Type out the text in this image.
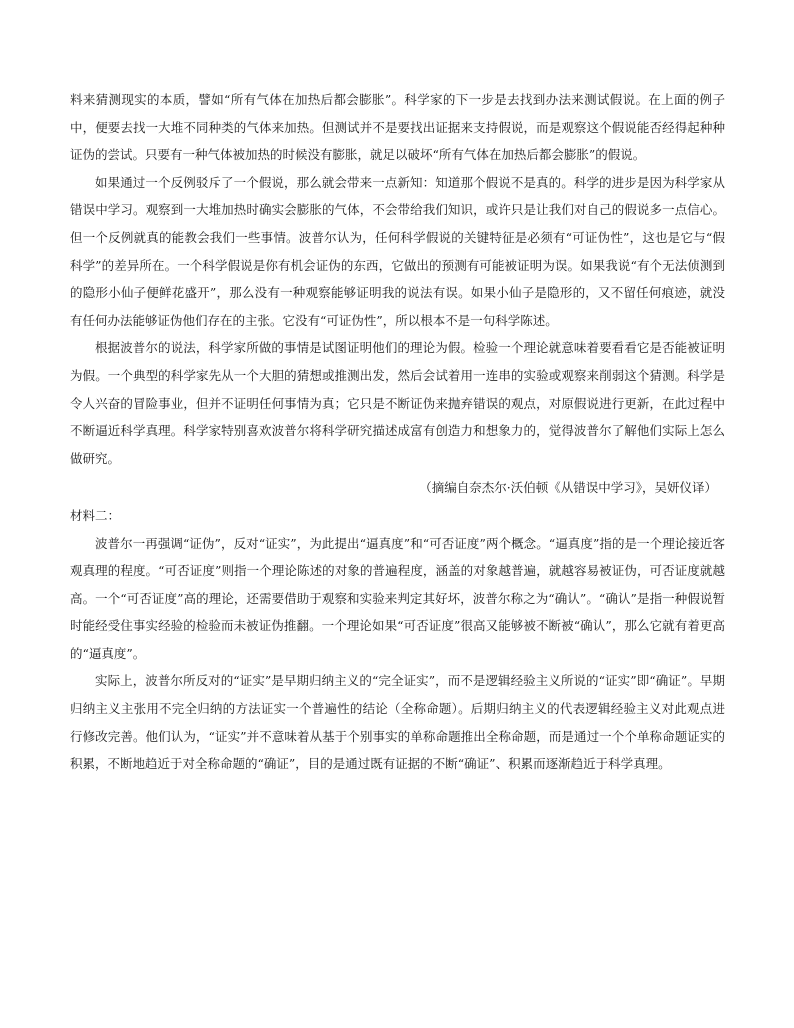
料来猜测现实的本质，譬如“所有气体在加热后都会膨胀”。科学家的下一步是去找到办法来测试假说。在上面的例子中，便要去找一大堆不同种类的气体来加热。但测试并不是要找出证据来支持假说，而是观察这个假说能否经得起种种证伪的尝试。只要有一种气体被加热的时候没有膨胀，就足以破坏“所有气体在加热后都会膨胀”的假说。

如果通过一个反例驳斥了一个假说，那么就会带来一点新知：知道那个假说不是真的。科学的进步是因为科学家从错误中学习。观察到一大堆加热时确实会膨胀的气体，不会带给我们知识，或许只是让我们对自己的假说多一点信心。但一个反例就真的能教会我们一些事情。波普尔认为，任何科学假说的关键特征是必须有“可证伪性”，这也是它与“假科学”的差异所在。一个科学假说是你有机会证伪的东西，它做出的预测有可能被证明为误。如果我说“有个无法侦测到的隐形小仙子便鲜花盛开”，那么没有一种观察能够证明我的说法有误。如果小仙子是隐形的，又不留任何痕迹，就没有任何办法能够证伪他们存在的主张。它没有“可证伪性”，所以根本不是一句科学陈述。

根据波普尔的说法，科学家所做的事情是试图证明他们的理论为假。检验一个理论就意味着要看看它是否能被证明为假。一个典型的科学家先从一个大胆的猜想或推测出发，然后会试着用一连串的实验或观察来削弱这个猜测。科学是令人兴奋的冒险事业，但并不证明任何事情为真；它只是不断证伪来抛弃错误的观点，对原假说进行更新，在此过程中不断逼近科学真理。科学家特别喜欢波普尔将科学研究描述成富有创造力和想象力的，觉得波普尔了解他们实际上怎么做研究。

（摘编自奈杰尔·沃伯顿《从错误中学习》，吴妍仪译）

材料二：

波普尔一再强调“证伪”，反对“证实”，为此提出“逼真度”和“可否证度”两个概念。“逼真度”指的是一个理论接近客观真理的程度。“可否证度”则指一个理论陈述的对象的普遍程度，涵盖的对象越普遍，就越容易被证伪，可否证度就越高。一个“可否证度”高的理论，还需要借助于观察和实验来判定其好坏，波普尔称之为“确认”。“确认”是指一种假说暂时能经受住事实经验的检验而未被证伪推翻。一个理论如果“可否证度”很高又能够被不断被“确认”，那么它就有着更高的“逼真度”。

实际上，波普尔所反对的“证实”是早期归纳主义的“完全证实”，而不是逻辑经验主义所说的“证实”即“确证”。早期归纳主义主张用不完全归纳的方法证实一个普遍性的结论（全称命题）。后期归纳主义的代表逻辑经验主义对此观点进行修改完善。他们认为，“证实”并不意味着从基于个别事实的单称命题推出全称命题，而是通过一个个单称命题证实的积累，不断地趋近于对全称命题的“确证”，目的是通过既有证据的不断“确证”、积累而逐渐趋近于科学真理。
